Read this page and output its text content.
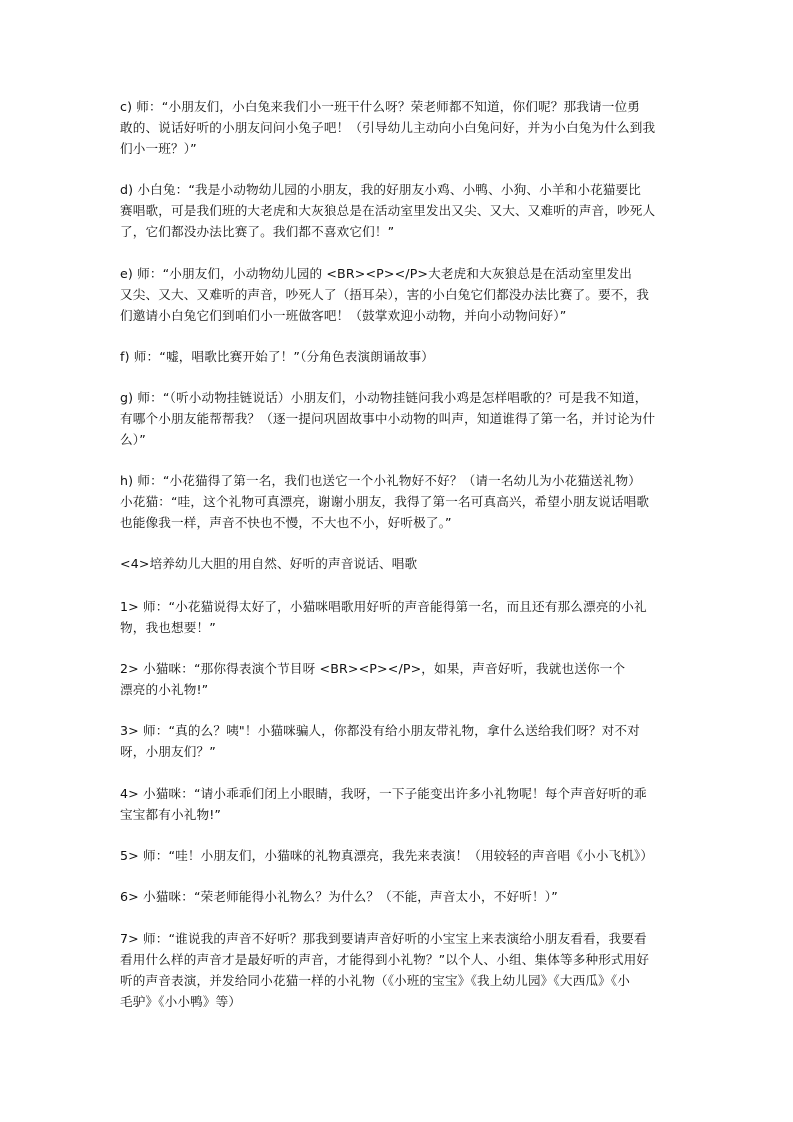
c) 师：“小朋友们，小白兔来我们小一班干什么呀？荣老师都不知道，你们呢？那我请一位勇
敢的、说话好听的小朋友问问小兔子吧！（引导幼儿主动向小白兔问好，并为小白兔为什么到我
们小一班？）”
d) 小白兔：“我是小动物幼儿园的小朋友，我的好朋友小鸡、小鸭、小狗、小羊和小花猫要比
赛唱歌，可是我们班的大老虎和大灰狼总是在活动室里发出又尖、又大、又难听的声音，吵死人
了，它们都没办法比赛了。我们都不喜欢它们！”
e) 师：“小朋友们，小动物幼儿园的 <BR><P></P>大老虎和大灰狼总是在活动室里发出
又尖、又大、又难听的声音，吵死人了（捂耳朵），害的小白兔它们都没办法比赛了。要不，我
们邀请小白兔它们到咱们小一班做客吧！（鼓掌欢迎小动物，并向小动物问好）”
f) 师：“嘘，唱歌比赛开始了！”（分角色表演朗诵故事）
g) 师：“（听小动物挂链说话）小朋友们，小动物挂链问我小鸡是怎样唱歌的？可是我不知道，
有哪个小朋友能帮帮我？（逐一提问巩固故事中小动物的叫声，知道谁得了第一名，并讨论为什
么）”
h) 师：“小花猫得了第一名，我们也送它一个小礼物好不好？（请一名幼儿为小花猫送礼物）
小花猫：“哇，这个礼物可真漂亮，谢谢小朋友，我得了第一名可真高兴，希望小朋友说话唱歌
也能像我一样，声音不快也不慢，不大也不小，好听极了。”
<4>培养幼儿大胆的用自然、好听的声音说话、唱歌
1> 师：“小花猫说得太好了，小猫咪唱歌用好听的声音能得第一名，而且还有那么漂亮的小礼
物，我也想要！”
2> 小猫咪：“那你得表演个节目呀 <BR><P></P>，如果，声音好听，我就也送你一个
漂亮的小礼物!”
3> 师：“真的么？咦"！小猫咪骗人，你都没有给小朋友带礼物，拿什么送给我们呀？对不对
呀，小朋友们？”
4> 小猫咪：“请小乖乖们闭上小眼睛，我呀，一下子能变出许多小礼物呢！每个声音好听的乖
宝宝都有小礼物!”
5> 师：“哇！小朋友们，小猫咪的礼物真漂亮，我先来表演！（用较轻的声音唱《小小飞机》）
6> 小猫咪：“荣老师能得小礼物么？为什么？（不能，声音太小，不好听！）”
7> 师：“谁说我的声音不好听？那我到要请声音好听的小宝宝上来表演给小朋友看看，我要看
看用什么样的声音才是最好听的声音，才能得到小礼物？”以个人、小组、集体等多种形式用好
听的声音表演，并发给同小花猫一样的小礼物（《小班的宝宝》《我上幼儿园》《大西瓜》《小
毛驴》《小小鸭》等）
